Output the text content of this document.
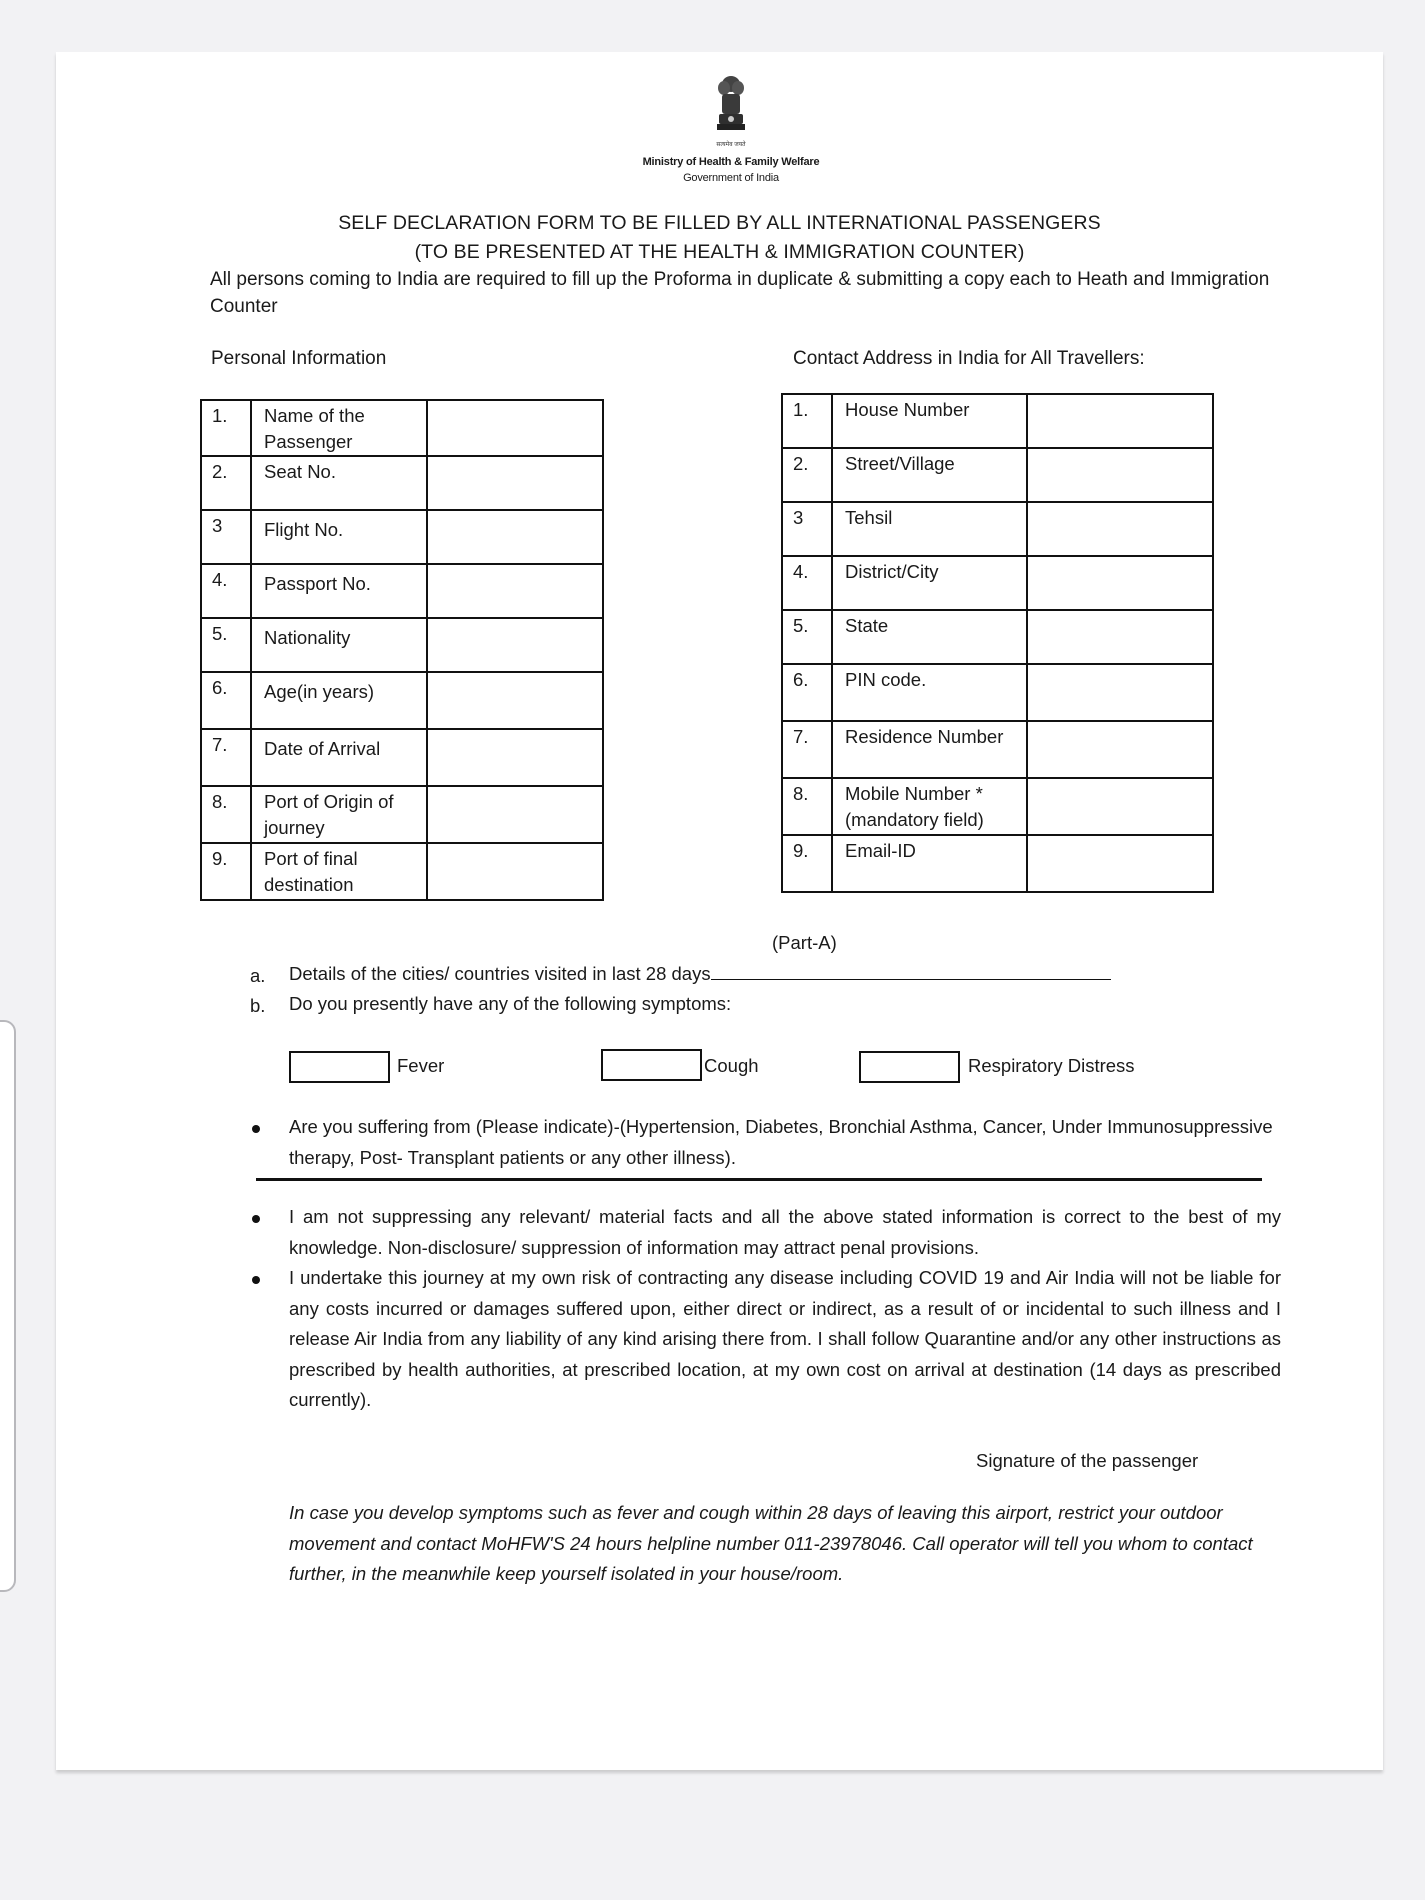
सत्यमेव जयते
Ministry of Health & Family Welfare
Government of India
SELF DECLARATION FORM TO BE FILLED BY ALL INTERNATIONAL PASSENGERS
(TO BE PRESENTED AT THE HEALTH & IMMIGRATION COUNTER)
All persons coming to India are required to fill up the Proforma in duplicate & submitting a copy each to Heath and Immigration Counter
Personal Information	Contact Address in India for All Travellers:
1.	Name of the Passenger	
2.	Seat No.	
3	Flight No.	
4.	Passport No.	
5.	Nationality	
6.	Age(in years)	
7.	Date of Arrival	
8.	Port of Origin of journey	
9.	Port of final destination	
1.	House Number	
2.	Street/Village	
3	Tehsil	
4.	District/City	
5.	State	
6.	PIN code.	
7.	Residence Number	
8.	Mobile Number * (mandatory field)	
9.	Email-ID	
(Part-A)
a. Details of the cities/ countries visited in last 28 days
b. Do you presently have any of the following symptoms:
Fever	Cough	Respiratory Distress
Are you suffering from (Please indicate)-(Hypertension, Diabetes, Bronchial Asthma, Cancer, Under Immunosuppressive therapy, Post- Transplant patients or any other illness).
I am not suppressing any relevant/ material facts and all the above stated information is correct to the best of my knowledge. Non-disclosure/ suppression of information may attract penal provisions.
I undertake this journey at my own risk of contracting any disease including COVID 19 and Air India will not be liable for any costs incurred or damages suffered upon, either direct or indirect, as a result of or incidental to such illness and I release Air India from any liability of any kind arising there from. I shall follow Quarantine and/or any other instructions as prescribed by health authorities, at prescribed location, at my own cost on arrival at destination (14 days as prescribed currently).
Signature of the passenger
In case you develop symptoms such as fever and cough within 28 days of leaving this airport, restrict your outdoor movement and contact MoHFW'S 24 hours helpline number 011-23978046. Call operator will tell you whom to contact further, in the meanwhile keep yourself isolated in your house/room.
